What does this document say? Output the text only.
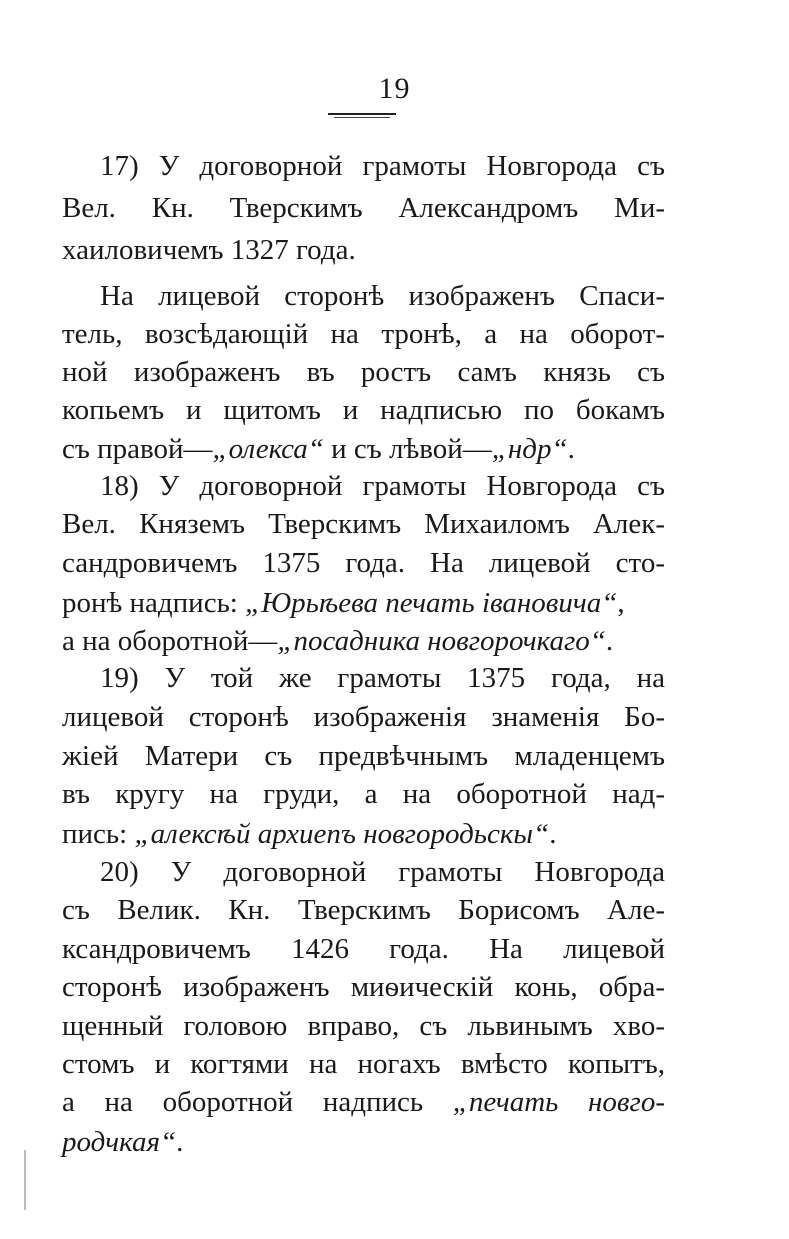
19
17) У договорной грамоты Новгорода съ
Вел. Кн. Тверскимъ Александромъ Ми-
хаиловичемъ 1327 года.
На лицевой сторонѣ изображенъ Спаси-
тель, возсѣдающій на тронѣ, а на оборот-
ной изображенъ въ ростъ самъ князь съ
копьемъ и щитомъ и надписью по бокамъ
съ правой—„олекса“ и съ лѣвой—„ндр“.
18) У договорной грамоты Новгорода съ
Вел. Княземъ Тверскимъ Михаиломъ Алек-
сандровичемъ 1375 года. На лицевой сто-
ронѣ надпись: „Юрьѣева печать івановича“,
а на оборотной—„посадника новгорочкаго“.
19) У той же грамоты 1375 года, на
лицевой сторонѣ изображенія знаменія Бо-
жіей Матери съ предвѣчнымъ младенцемъ
въ кругу на груди, а на оборотной над-
пись: „алексѣй архиепъ новгородьскы“.
20) У договорной грамоты Новгорода
съ Велик. Кн. Тверскимъ Борисомъ Але-
ксандровичемъ 1426 года. На лицевой
сторонѣ изображенъ миѳическій конь, обра-
щенный головою вправо, съ львинымъ хво-
стомъ и когтями на ногахъ вмѣсто копытъ,
а на оборотной надпись „печать новго-
родчкая“.
